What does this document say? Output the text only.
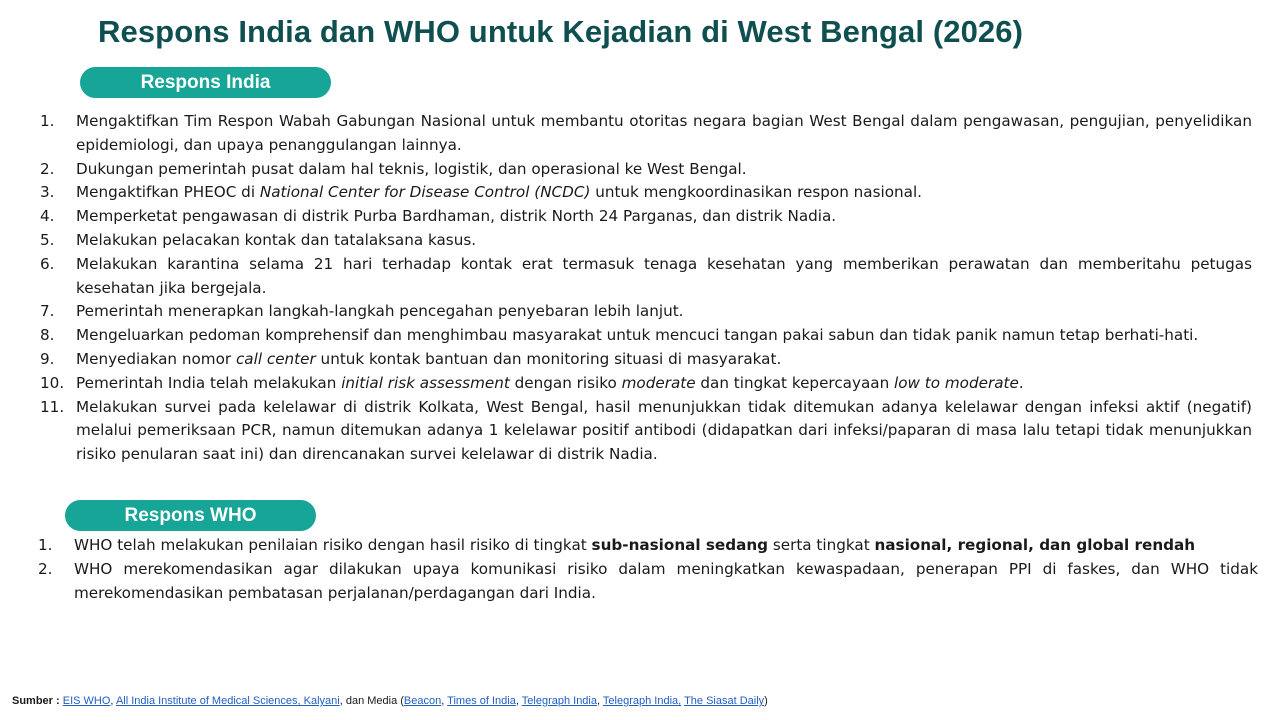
Respons India dan WHO untuk Kejadian di West Bengal (2026)
Respons India
1. Mengaktifkan Tim Respon Wabah Gabungan Nasional untuk membantu otoritas negara bagian West Bengal dalam pengawasan, pengujian, penyelidikan epidemiologi, dan upaya penanggulangan lainnya.
2. Dukungan pemerintah pusat dalam hal teknis, logistik, dan operasional ke West Bengal.
3. Mengaktifkan PHEOC di National Center for Disease Control (NCDC) untuk mengkoordinasikan respon nasional.
4. Memperketat pengawasan di distrik Purba Bardhaman, distrik North 24 Parganas, dan distrik Nadia.
5. Melakukan pelacakan kontak dan tatalaksana kasus.
6. Melakukan karantina selama 21 hari terhadap kontak erat termasuk tenaga kesehatan yang memberikan perawatan dan memberitahu petugas kesehatan jika bergejala.
7. Pemerintah menerapkan langkah-langkah pencegahan penyebaran lebih lanjut.
8. Mengeluarkan pedoman komprehensif dan menghimbau masyarakat untuk mencuci tangan pakai sabun dan tidak panik namun tetap berhati-hati.
9. Menyediakan nomor call center untuk kontak bantuan dan monitoring situasi di masyarakat.
10. Pemerintah India telah melakukan initial risk assessment dengan risiko moderate dan tingkat kepercayaan low to moderate.
11. Melakukan survei pada kelelawar di distrik Kolkata, West Bengal, hasil menunjukkan tidak ditemukan adanya kelelawar dengan infeksi aktif (negatif) melalui pemeriksaan PCR, namun ditemukan adanya 1 kelelawar positif antibodi (didapatkan dari infeksi/paparan di masa lalu tetapi tidak menunjukkan risiko penularan saat ini) dan direncanakan survei kelelawar di distrik Nadia.
Respons WHO
1. WHO telah melakukan penilaian risiko dengan hasil risiko di tingkat sub-nasional sedang serta tingkat nasional, regional, dan global rendah
2. WHO merekomendasikan agar dilakukan upaya komunikasi risiko dalam meningkatkan kewaspadaan, penerapan PPI di faskes, dan WHO tidak merekomendasikan pembatasan perjalanan/perdagangan dari India.
Sumber : EIS WHO, All India Institute of Medical Sciences, Kalyani, dan Media (Beacon, Times of India, Telegraph India, Telegraph India, The Siasat Daily)
